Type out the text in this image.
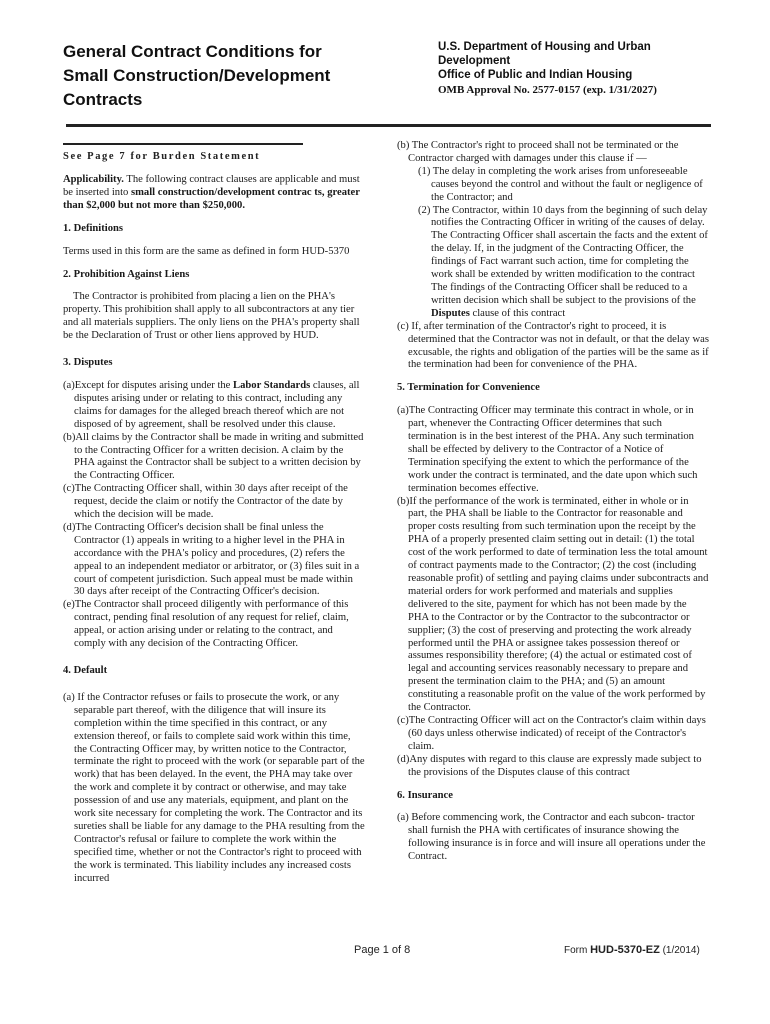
General Contract Conditions for
Small Construction/Development
Contracts
U.S. Department of Housing and Urban
Development
Office of Public and Indian Housing
OMB Approval No. 2577-0157 (exp. 1/31/2027)
See Page 7 for Burden Statement

Applicability. The following contract clauses are applicable and must be inserted into small construction/development contrac ts, greater than $2,000 but not more than $250,000.

1. Definitions

Terms used in this form are the same as defined in form HUD-5370

2. Prohibition Against Liens

The Contractor is prohibited from placing a lien on the PHA's property. This prohibition shall apply to all subcontractors at any tier and all materials suppliers. The only liens on the PHA's property shall be the Declaration of Trust or other liens approved by HUD.

3. Disputes

(a)Except for disputes arising under the Labor Standards clauses, all disputes arising under or relating to this contract, including any claims for damages for the alleged breach thereof which are not disposed of by agreement, shall be resolved under this clause.

(b)All claims by the Contractor shall be made in writing and submitted to the Contracting Officer for a written decision. A claim by the PHA against the Contractor shall be subject to a written decision by the Contracting Officer.

(c)The Contracting Officer shall, within 30 days after receipt of the request, decide the claim or notify the Contractor of the date by which the decision will be made.

(d)The Contracting Officer's decision shall be final unless the Contractor (1) appeals in writing to a higher level in the PHA in accordance with the PHA's policy and procedures, (2) refers the appeal to an independent mediator or arbitrator, or (3) files suit in a court of competent jurisdiction. Such appeal must be made within 30 days after receipt of the Contracting Officer's decision.

(e)The Contractor shall proceed diligently with performance of this contract, pending final resolution of any request for relief, claim, appeal, or action arising under or relating to the contract, and comply with any decision of the Contracting Officer.

4. Default

(a) If the Contractor refuses or fails to prosecute the work, or any separable part thereof, with the diligence that will insure its completion within the time specified in this contract, or any extension thereof, or fails to complete said work within this time, the Contracting Officer may, by written notice to the Contractor, terminate the right to proceed with the work (or separable part of the work) that has been delayed. In the event, the PHA may take over the work and complete it by contract or otherwise, and may take possession of and use any materials, equipment, and plant on the work site necessary for completing the work. The Contractor and its sureties shall be liable for any damage to the PHA resulting from the Contractor's refusal or failure to complete the work within the specified time, whether or not the Contractor's right to proceed with the work is terminated. This liability includes any increased costs incurred

(b) The Contractor's right to proceed shall not be terminated or the Contractor charged with damages under this clause if —

(1) The delay in completing the work arises from unforeseeable causes beyond the control and without the fault or negligence of the Contractor; and

(2) The Contractor, within 10 days from the beginning of such delay notifies the Contracting Officer in writing of the causes of delay. The Contracting Officer shall ascertain the facts and the extent of the delay. If, in the judgment of the Contracting Officer, the findings of Fact warrant such action, time for completing the work shall be extended by written modification to the contract The findings of the Contracting Officer shall be reduced to a written decision which shall be subject to the provisions of the Disputes clause of this contract

(c) If, after termination of the Contractor's right to proceed, it is determined that the Contractor was not in default, or that the delay was excusable, the rights and obligation of the parties will be the same as if the termination had been for convenience of the PHA.

5. Termination for Convenience

(a)The Contracting Officer may terminate this contract in whole, or in part, whenever the Contracting Officer determines that such termination is in the best interest of the PHA. Any such termination shall be effected by delivery to the Contractor of a Notice of Termination specifying the extent to which the performance of the work under the contract is terminated, and the date upon which such termination becomes effective.

(b)If the performance of the work is terminated, either in whole or in part, the PHA shall be liable to the Contractor for reasonable and proper costs resulting from such termination upon the receipt by the PHA of a properly presented claim setting out in detail: (1) the total cost of the work performed to date of termination less the total amount of contract payments made to the Contractor; (2) the cost (including reasonable profit) of settling and paying claims under subcontracts and material orders for work performed and materials and supplies delivered to the site, payment for which has not been made by the PHA to the Contractor or by the Contractor to the subcontractor or supplier; (3) the cost of preserving and protecting the work already performed until the PHA or assignee takes possession thereof or assumes responsibility therefore; (4) the actual or estimated cost of legal and accounting services reasonably necessary to prepare and present the termination claim to the PHA; and (5) an amount constituting a reasonable profit on the value of the work performed by the Contractor.

(c)The Contracting Officer will act on the Contractor's claim within days (60 days unless otherwise indicated) of receipt of the Contractor's claim.

(d)Any disputes with regard to this clause are expressly made subject to the provisions of the Disputes clause of this contract

6. Insurance

(a) Before commencing work, the Contractor and each subcon- tractor shall furnish the PHA with certificates of insurance showing the following insurance is in force and will insure all operations under the Contract.

Page 1 of 8	Form HUD-5370-EZ (1/2014)
